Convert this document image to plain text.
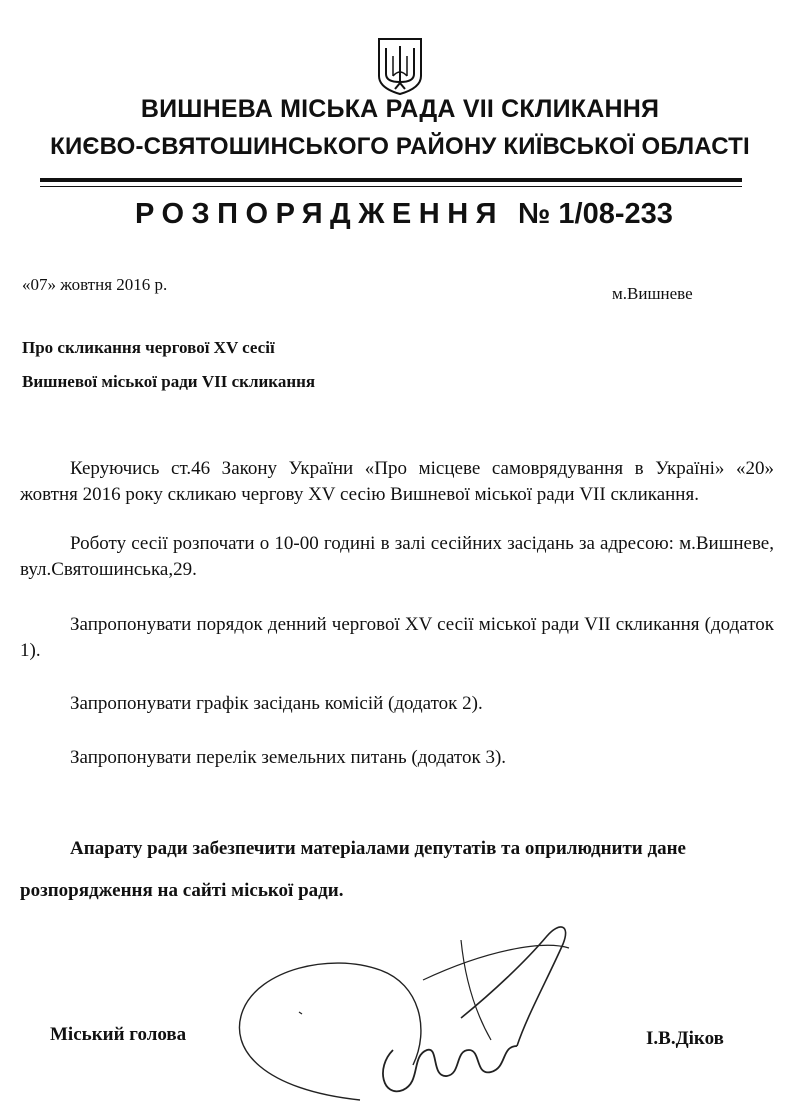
ВИШНЕВА МІСЬКА РАДА VII СКЛИКАННЯ
КИЄВО-СВЯТОШИНСЬКОГО РАЙОНУ КИЇВСЬКОЇ ОБЛАСТІ
РОЗПОРЯДЖЕННЯ № 1/08-233
«07» жовтня 2016 р.	м.Вишневе
Про скликання чергової XV сесії
Вишневої міської ради VII скликання

Керуючись ст.46 Закону України «Про місцеве самоврядування в Україні» «20» жовтня 2016 року скликаю чергову XV сесію Вишневої міської ради VII скликання.

Роботу сесії розпочати о 10-00 годині в залі сесійних засідань за адресою: м.Вишневе, вул.Святошинська,29.

Запропонувати порядок денний чергової XV сесії міської ради VII скликання (додаток 1).

Запропонувати графік засідань комісій (додаток 2).

Запропонувати перелік земельних питань (додаток 3).

Апарату ради забезпечити матеріалами депутатів та оприлюднити дане
розпорядження на сайті міської ради.
Міський голова	І.В.Діков
